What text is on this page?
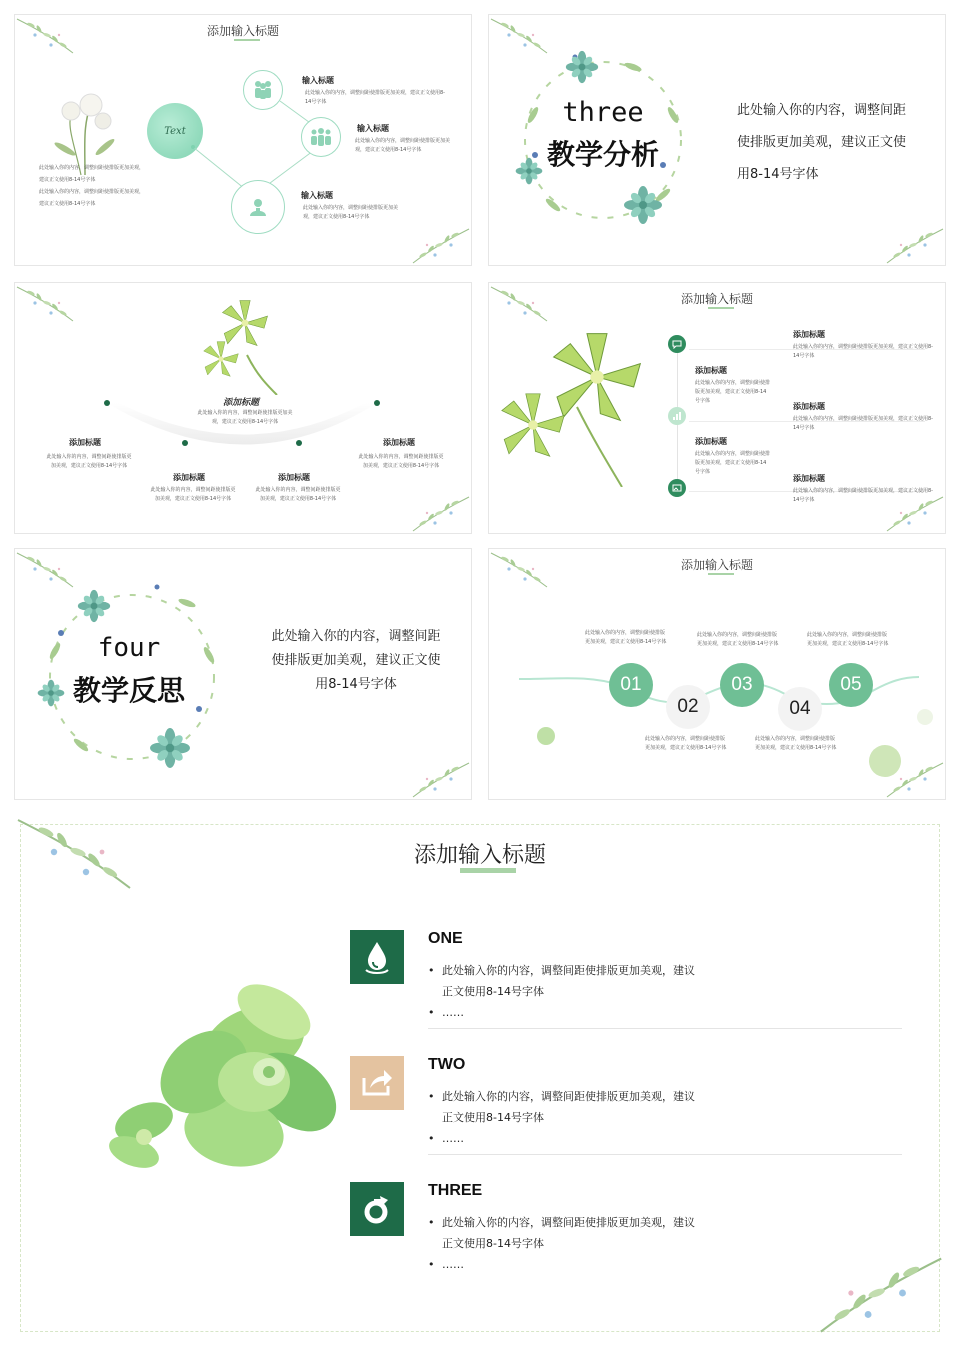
添加输入标题
Text
输入标题
此处输入你的内容，调整间距使排版更加美观，建议正文使用8-14号字体
输入标题
此处输入你的内容，调整间距使排版更加美观，建议正文使用8-14号字体
输入标题
此处输入你的内容，调整间距使排版更加美观，建议正文使用8-14号字体
此处输入你的内容，调整间距使排版更加美观，
建议正文使用8-14号字体
此处输入你的内容，调整间距使排版更加美观，
建议正文使用8-14号字体
three
教学分析
此处输入你的内容，调整间距
使排版更加美观，建议正文使
用8-14号字体
添加标题
此处输入你的内容，调整间距使排版更加美观，建议正文使用8-14号字体
添加标题
此处输入你的内容，调整间距使排版更
加美观，建议正文使用8-14号字体
添加标题
此处输入你的内容，调整间距使排版更
加美观，建议正文使用8-14号字体
添加标题
此处输入你的内容，调整间距使排版更
加美观，建议正文使用8-14号字体
添加标题
此处输入你的内容，调整间距使排版更
加美观，建议正文使用8-14号字体
添加输入标题
添加标题
此处输入你的内容，调整间距使排版更加美观，建议正文使用8-14号字体
添加标题
此处输入你的内容，调整间距使排版更加美观，建议正文使用8-14号字体
添加标题
此处输入你的内容，调整间距使排版更加美观，建议正文使用8-14号字体
添加标题
此处输入你的内容，调整间距使排版更加美观，建议正文使用8-14号字体
添加标题
此处输入你的内容，调整间距使排版更加美观，建议正文使用8-14号字体
four
教学反思
此处输入你的内容，调整间距
使排版更加美观，建议正文使
用8-14号字体
添加输入标题
01
02
03
04
05
此处输入你的内容，调整间距使排版
更加美观，建议正文使用8-14号字体
此处输入你的内容，调整间距使排版
更加美观，建议正文使用8-14号字体
此处输入你的内容，调整间距使排版
更加美观，建议正文使用8-14号字体
此处输入你的内容，调整间距使排版
更加美观，建议正文使用8-14号字体
此处输入你的内容，调整间距使排版
更加美观，建议正文使用8-14号字体
添加输入标题
ONE
• 此处输入你的内容，调整间距使排版更加美观，建议
正文使用8-14号字体
• ……
TWO
• 此处输入你的内容，调整间距使排版更加美观，建议
正文使用8-14号字体
• ……
THREE
• 此处输入你的内容，调整间距使排版更加美观，建议
正文使用8-14号字体
• ……
